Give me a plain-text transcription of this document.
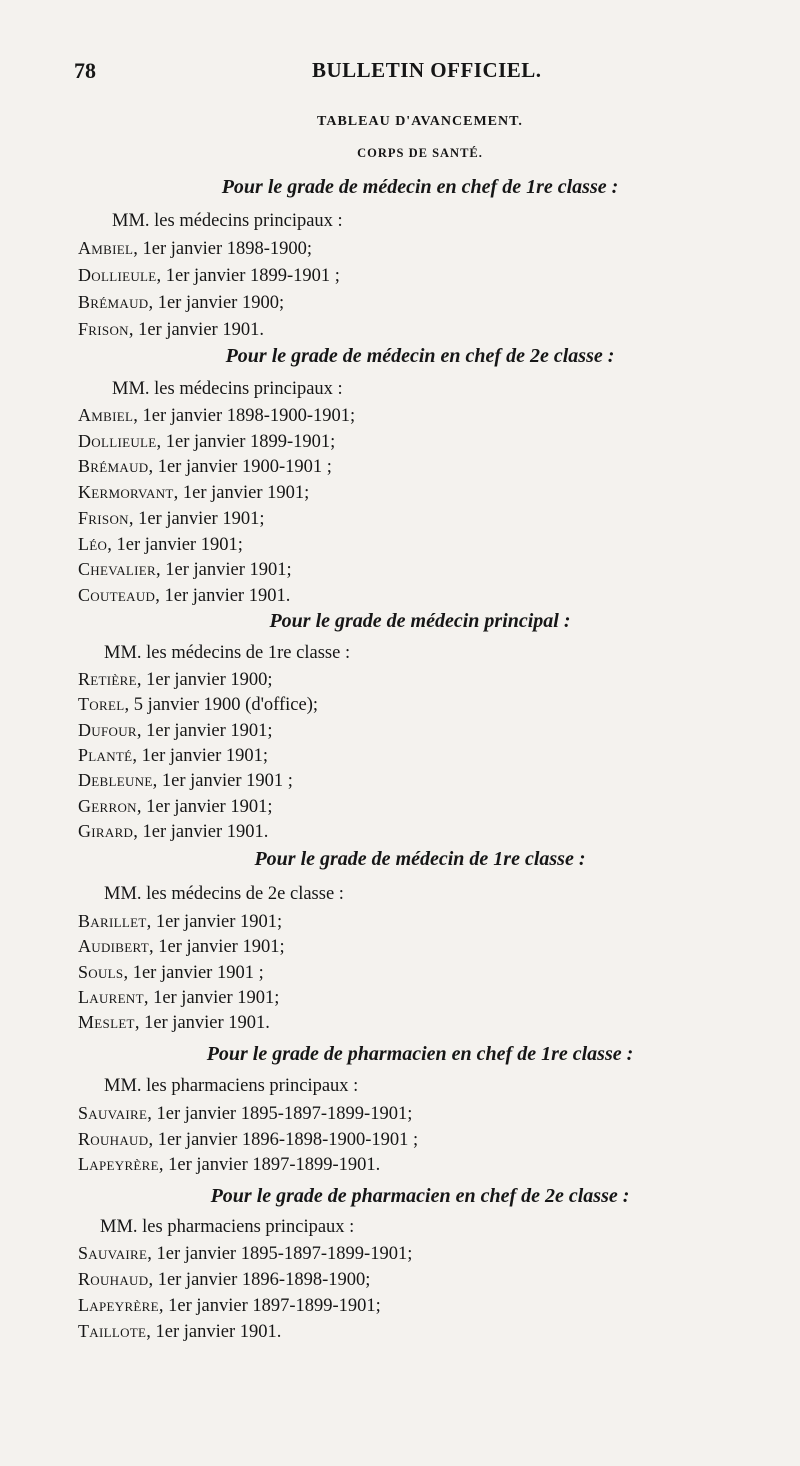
78	BULLETIN OFFICIEL.
TABLEAU D'AVANCEMENT.
CORPS DE SANTÉ.
Pour le grade de médecin en chef de 1re classe :
MM. les médecins principaux :
Ambiel, 1er janvier 1898-1900;
Dollieule, 1er janvier 1899-1901 ;
Brémaud, 1er janvier 1900;
Frison, 1er janvier 1901.
Pour le grade de médecin en chef de 2e classe :
MM. les médecins principaux :
Ambiel, 1er janvier 1898-1900-1901;
Dollieule, 1er janvier 1899-1901;
Brémaud, 1er janvier 1900-1901 ;
Kermorvant, 1er janvier 1901;
Frison, 1er janvier 1901;
Léo, 1er janvier 1901;
Chevalier, 1er janvier 1901;
Couteaud, 1er janvier 1901.
Pour le grade de médecin principal :
MM. les médecins de 1re classe :
Retière, 1er janvier 1900;
Torel, 5 janvier 1900 (d'office);
Dufour, 1er janvier 1901;
Planté, 1er janvier 1901;
Debleune, 1er janvier 1901 ;
Gerron, 1er janvier 1901;
Girard, 1er janvier 1901.
Pour le grade de médecin de 1re classe :
MM. les médecins de 2e classe :
Barillet, 1er janvier 1901;
Audibert, 1er janvier 1901;
Souls, 1er janvier 1901 ;
Laurent, 1er janvier 1901;
Meslet, 1er janvier 1901.
Pour le grade de pharmacien en chef de 1re classe :
MM. les pharmaciens principaux :
Sauvaire, 1er janvier 1895-1897-1899-1901;
Rouhaud, 1er janvier 1896-1898-1900-1901 ;
Lapeyrère, 1er janvier 1897-1899-1901.
Pour le grade de pharmacien en chef de 2e classe :
MM. les pharmaciens principaux :
Sauvaire, 1er janvier 1895-1897-1899-1901;
Rouhaud, 1er janvier 1896-1898-1900;
Lapeyrère, 1er janvier 1897-1899-1901;
Taillote, 1er janvier 1901.
